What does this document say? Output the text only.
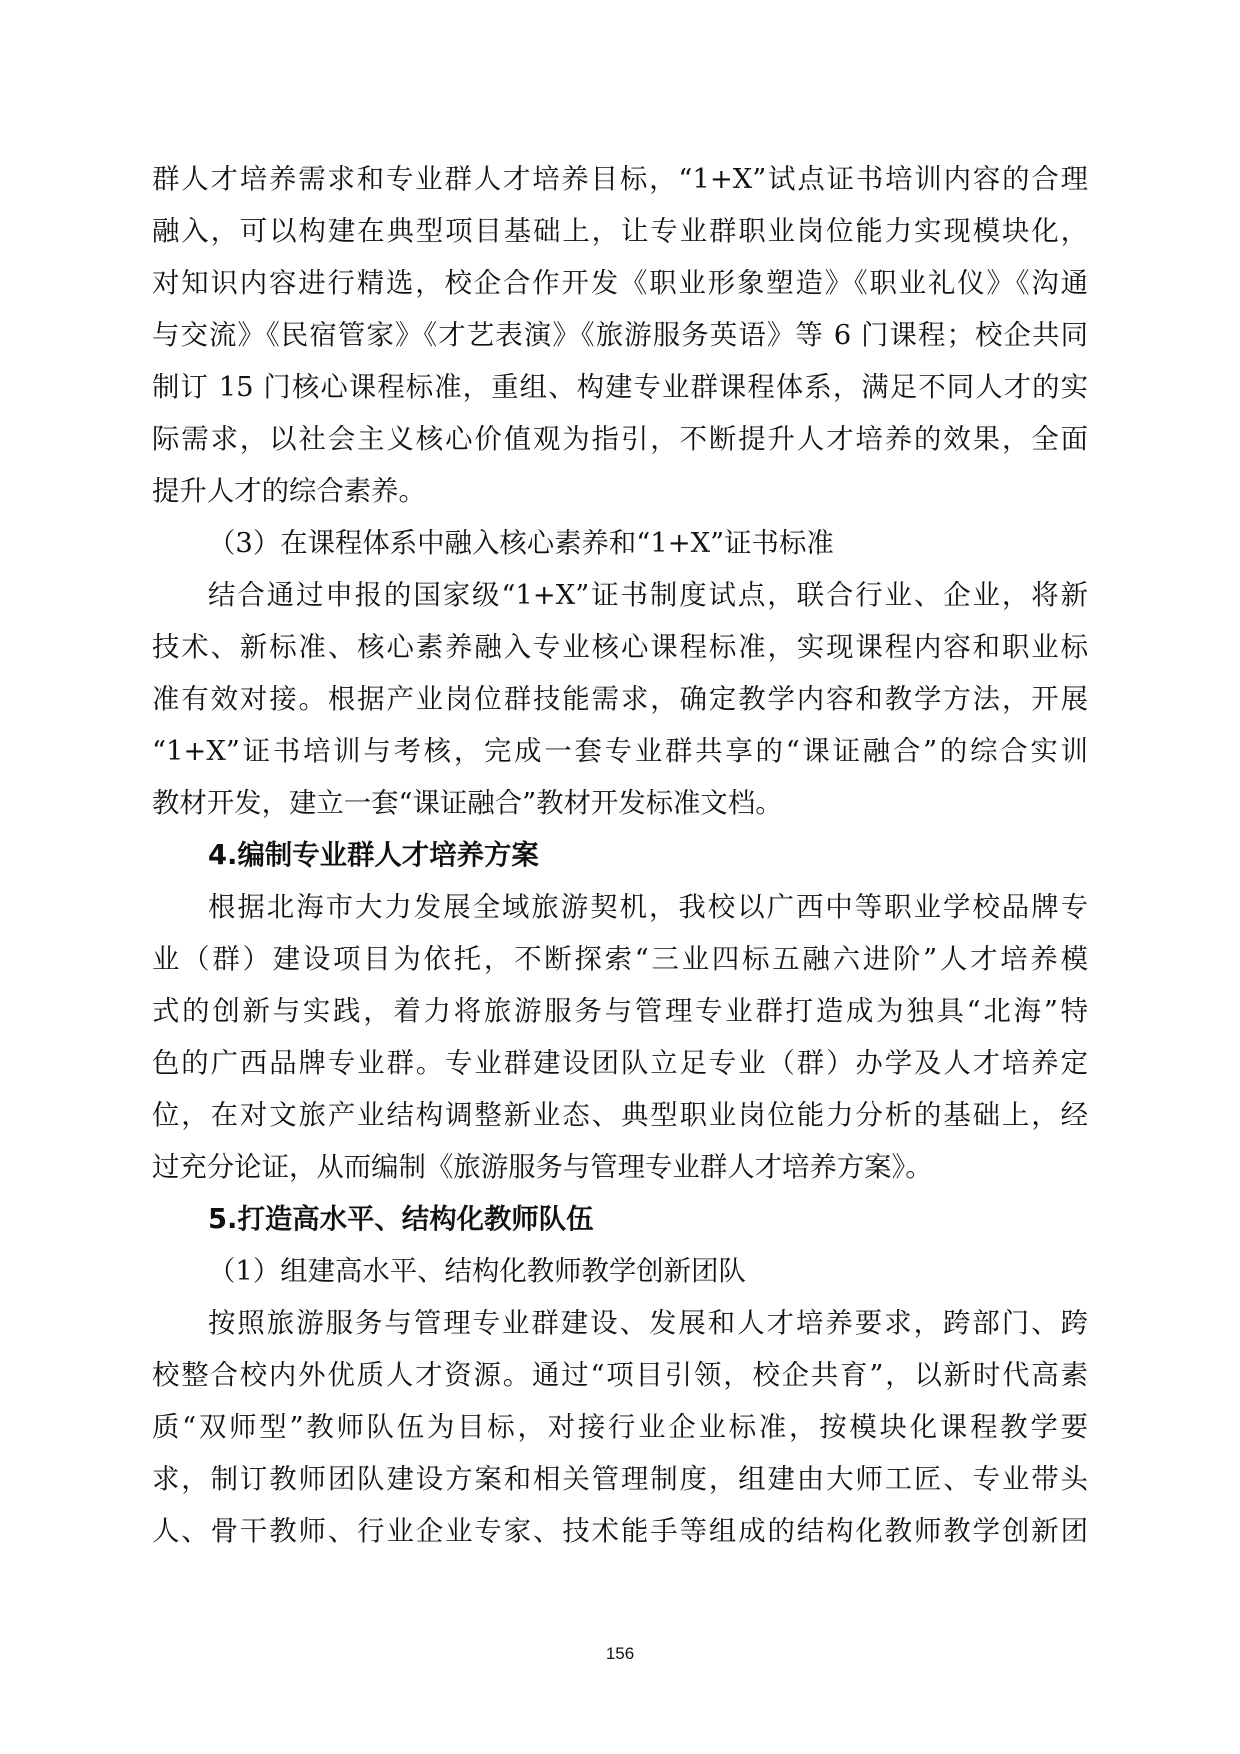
群人才培养需求和专业群人才培养目标，“1+X”试点证书培训内容的合理
融入，可以构建在典型项目基础上，让专业群职业岗位能力实现模块化，
对知识内容进行精选，校企合作开发《职业形象塑造》《职业礼仪》《沟通
与交流》《民宿管家》《才艺表演》《旅游服务英语》等 6 门课程；校企共同
制订 15 门核心课程标准，重组、构建专业群课程体系，满足不同人才的实
际需求，以社会主义核心价值观为指引，不断提升人才培养的效果，全面
提升人才的综合素养。
（3）在课程体系中融入核心素养和“1+X”证书标准
结合通过申报的国家级“1+X”证书制度试点，联合行业、企业，将新
技术、新标准、核心素养融入专业核心课程标准，实现课程内容和职业标
准有效对接。根据产业岗位群技能需求，确定教学内容和教学方法，开展
“1+X”证书培训与考核，完成一套专业群共享的“课证融合”的综合实训
教材开发，建立一套“课证融合”教材开发标准文档。
4.编制专业群人才培养方案
根据北海市大力发展全域旅游契机，我校以广西中等职业学校品牌专
业（群）建设项目为依托，不断探索“三业四标五融六进阶”人才培养模
式的创新与实践，着力将旅游服务与管理专业群打造成为独具“北海”特
色的广西品牌专业群。专业群建设团队立足专业（群）办学及人才培养定
位，在对文旅产业结构调整新业态、典型职业岗位能力分析的基础上，经
过充分论证，从而编制《旅游服务与管理专业群人才培养方案》。
5.打造高水平、结构化教师队伍
（1）组建高水平、结构化教师教学创新团队
按照旅游服务与管理专业群建设、发展和人才培养要求，跨部门、跨
校整合校内外优质人才资源。通过“项目引领，校企共育”，以新时代高素
质“双师型”教师队伍为目标，对接行业企业标准，按模块化课程教学要
求，制订教师团队建设方案和相关管理制度，组建由大师工匠、专业带头
人、骨干教师、行业企业专家、技术能手等组成的结构化教师教学创新团
156
